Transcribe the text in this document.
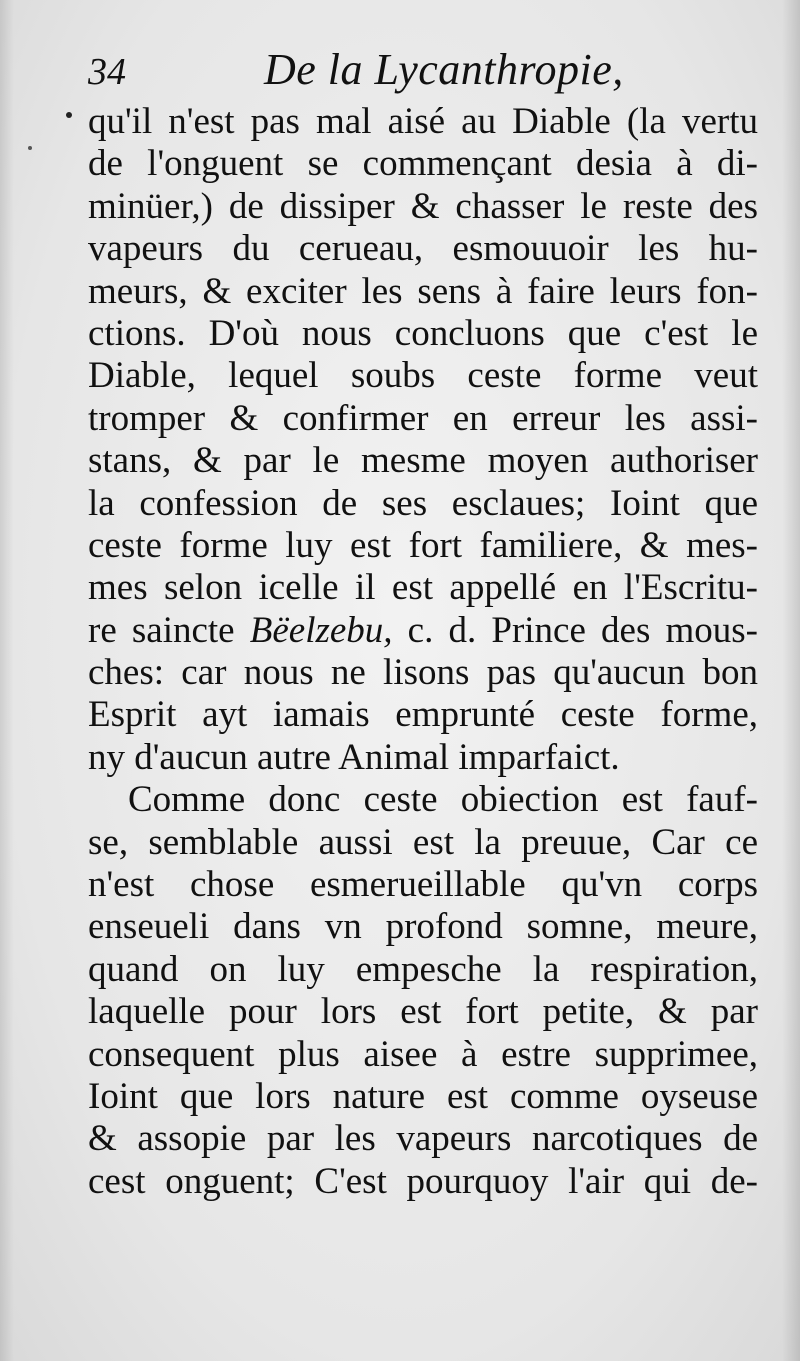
34	De la Lycanthropie,
qu'il n'est pas mal aisé au Diable (la vertu
de l'onguent se commençant desia à di-
minüer,) de dissiper & chasser le reste des
vapeurs du cerueau, esmouuoir les hu-
meurs, & exciter les sens à faire leurs fon-
ctions. D'où nous concluons que c'est le
Diable, lequel soubs ceste forme veut
tromper & confirmer en erreur les assi-
stans, & par le mesme moyen authoriser
la confession de ses esclaues; Ioint que
ceste forme luy est fort familiere, & mes-
mes selon icelle il est appellé en l'Escritu-
re saincte Bëelzebu, c. d. Prince des mous-
ches: car nous ne lisons pas qu'aucun bon
Esprit ayt iamais emprunté ceste forme,
ny d'aucun autre Animal imparfaict.
Comme donc ceste obiection est fauf-
se, semblable aussi est la preuue, Car ce
n'est chose esmerueillable qu'vn corps
enseueli dans vn profond somne, meure,
quand on luy empesche la respiration,
laquelle pour lors est fort petite, & par
consequent plus aisee à estre supprimee,
Ioint que lors nature est comme oyseuse
& assopie par les vapeurs narcotiques de
cest onguent; C'est pourquoy l'air qui de-
